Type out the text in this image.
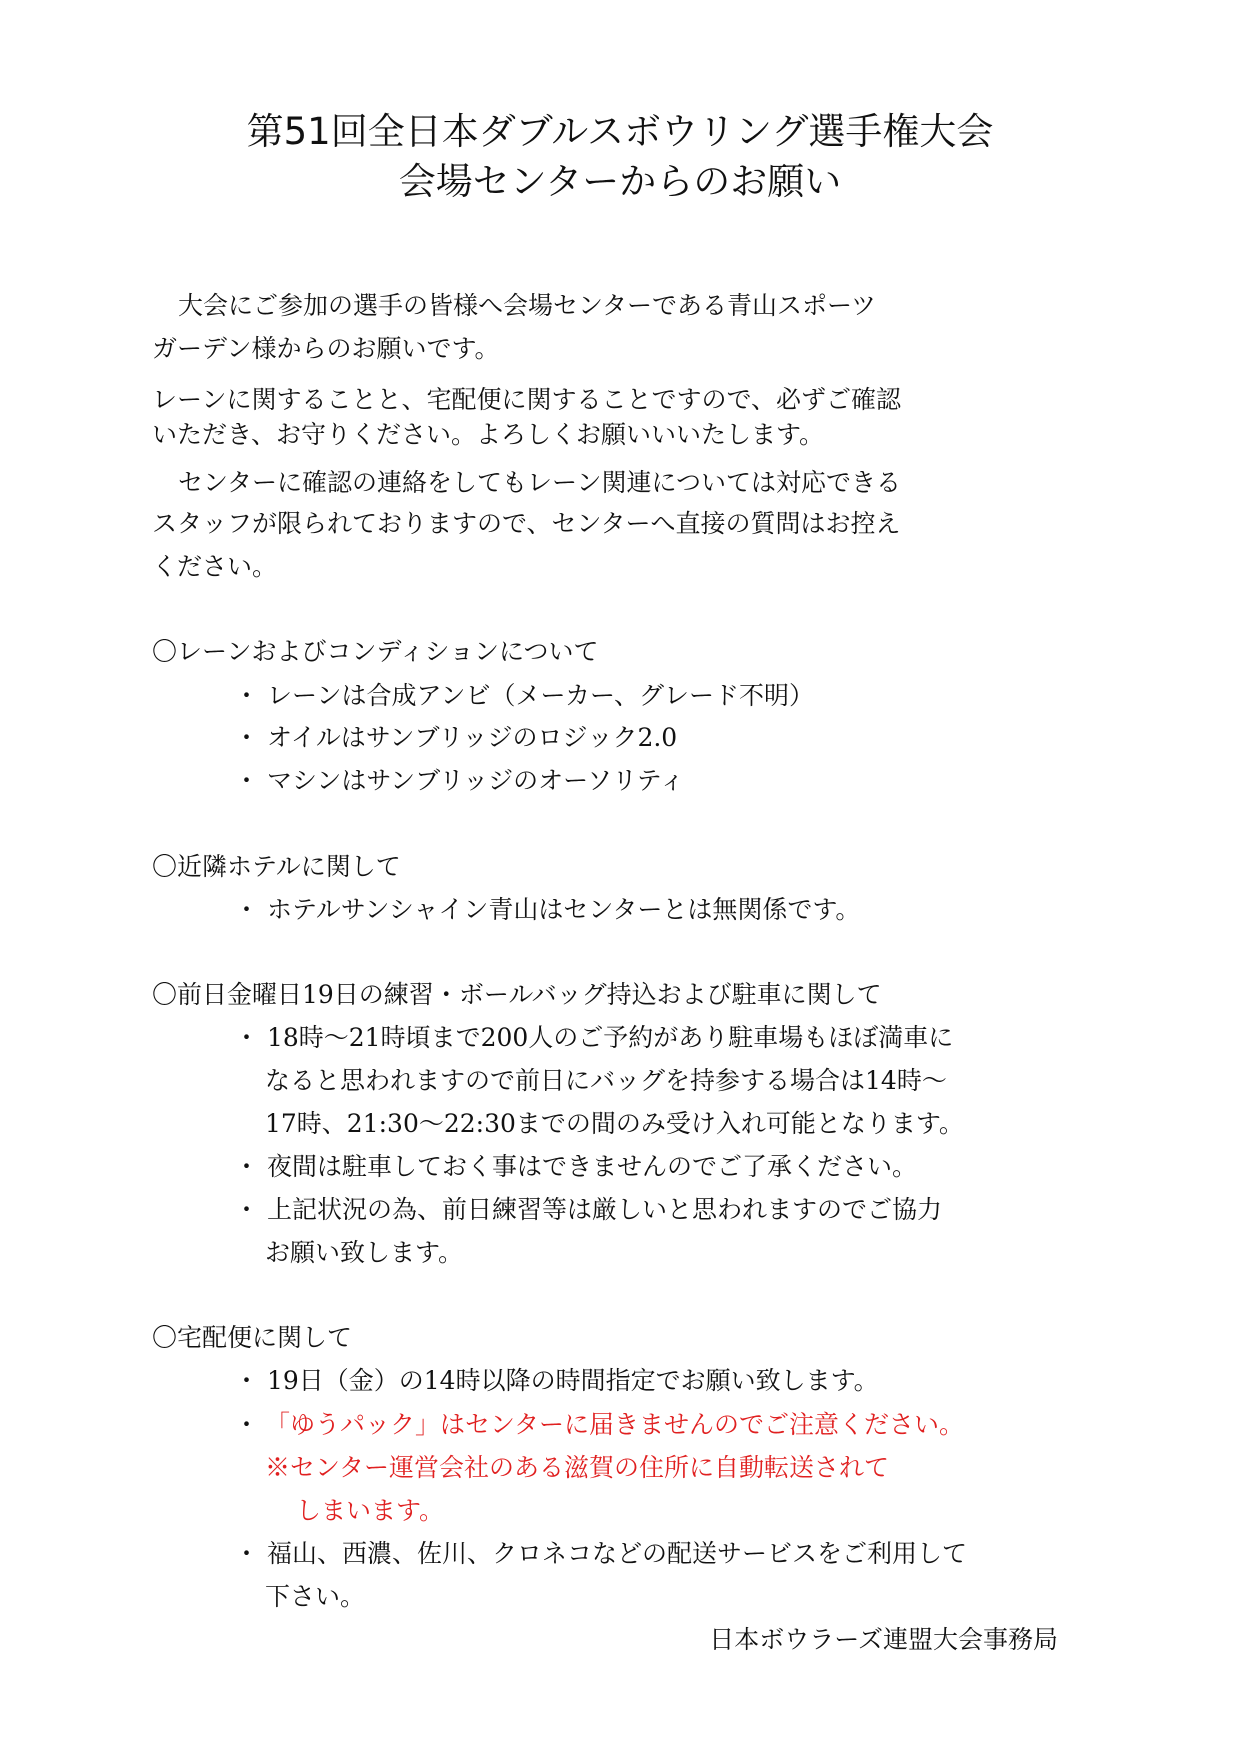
第51回全日本ダブルスボウリング選手権大会
会場センターからのお願い
大会にご参加の選手の皆様へ会場センターである青山スポーツ
ガーデン様からのお願いです。
レーンに関することと、宅配便に関することですので、必ずご確認
いただき、お守りください。よろしくお願いいいたします。
センターに確認の連絡をしてもレーン関連については対応できる
スタッフが限られておりますので、センターへ直接の質問はお控え
ください。
〇レーンおよびコンディションについて
・ レーンは合成アンビ（メーカー、グレード不明）
・ オイルはサンブリッジのロジック2.0
・ マシンはサンブリッジのオーソリティ
〇近隣ホテルに関して
・ ホテルサンシャイン青山はセンターとは無関係です。
〇前日金曜日19日の練習・ボールバッグ持込および駐車に関して
・ 18時～21時頃まで200人のご予約があり駐車場もほぼ満車に
なると思われますので前日にバッグを持参する場合は14時～
17時、21:30～22:30までの間のみ受け入れ可能となります。
・ 夜間は駐車しておく事はできませんのでご了承ください。
・ 上記状況の為、前日練習等は厳しいと思われますのでご協力
お願い致します。
〇宅配便に関して
・ 19日（金）の14時以降の時間指定でお願い致します。
・ 「ゆうパック」はセンターに届きませんのでご注意ください。
※センター運営会社のある滋賀の住所に自動転送されて
しまいます。
・ 福山、西濃、佐川、クロネコなどの配送サービスをご利用して
下さい。
日本ボウラーズ連盟大会事務局
